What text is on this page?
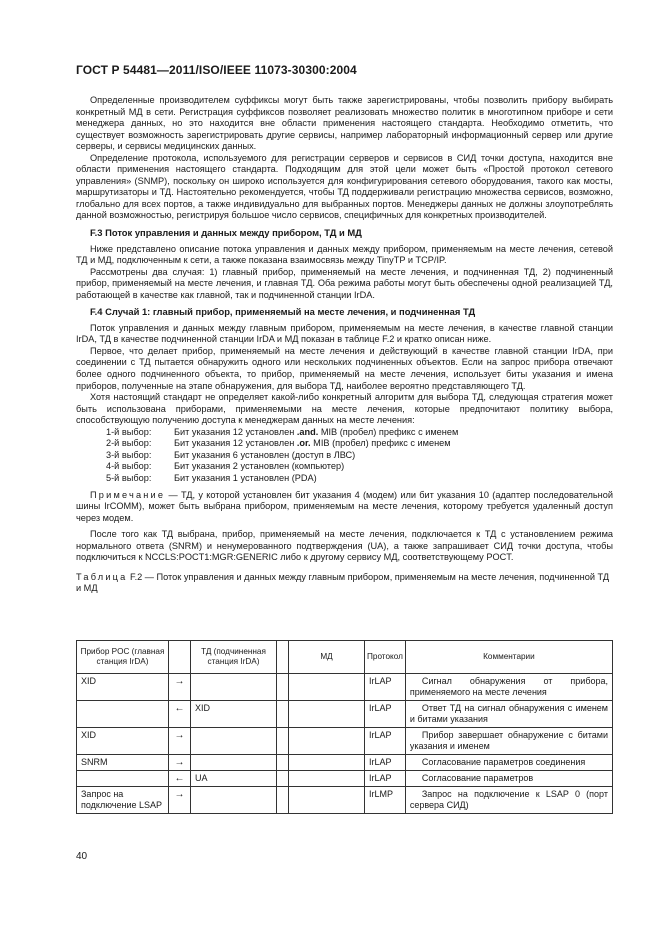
ГОСТ Р 54481—2011/ISO/IEEE 11073-30300:2004

Определенные производителем суффиксы могут быть также зарегистрированы, чтобы позволить прибору выбирать конкретный МД в сети. Регистрация суффиксов позволяет реализовать множество политик в многотипном приборе и сети менеджера данных, но это находится вне области применения настоящего стандарта. Необходимо отметить, что существует возможность зарегистрировать другие сервисы, например лабораторный информационный сервер или другие серверы, и сервисы медицинских данных.

Определение протокола, используемого для регистрации серверов и сервисов в СИД точки доступа, находится вне области применения настоящего стандарта. Подходящим для этой цели может быть «Простой протокол сетевого управления» (SNMP), поскольку он широко используется для конфигурирования сетевого оборудования, такого как мосты, маршрутизаторы и ТД. Настоятельно рекомендуется, чтобы ТД поддерживали регистрацию множества сервисов, возможно, глобально для всех портов, а также индивидуально для выбранных портов. Менеджеры данных не должны злоупотреблять данной возможностью, регистрируя большое число сервисов, специфичных для конкретных производителей.

F.3 Поток управления и данных между прибором, ТД и МД

Ниже представлено описание потока управления и данных между прибором, применяемым на месте лечения, сетевой ТД и МД, подключенным к сети, а также показана взаимосвязь между TinyTP и TCP/IP.

Рассмотрены два случая: 1) главный прибор, применяемый на месте лечения, и подчиненная ТД, 2) подчиненный прибор, применяемый на месте лечения, и главная ТД. Оба режима работы могут быть обеспечены одной реализацией ТД, работающей в качестве как главной, так и подчиненной станции IrDA.

F.4 Случай 1: главный прибор, применяемый на месте лечения, и подчиненная ТД

Поток управления и данных между главным прибором, применяемым на месте лечения, в качестве главной станции IrDA, ТД в качестве подчиненной станции IrDA и МД показан в таблице F.2 и кратко описан ниже.

Первое, что делает прибор, применяемый на месте лечения и действующий в качестве главной станции IrDA, при соединении с ТД пытается обнаружить одного или нескольких подчиненных объектов. Если на запрос прибора отвечают более одного подчиненного объекта, то прибор, применяемый на месте лечения, использует биты указания и имена приборов, полученные на этапе обнаружения, для выбора ТД, наиболее вероятно представляющего ТД.

Хотя настоящий стандарт не определяет какой-либо конкретный алгоритм для выбора ТД, следующая стратегия может быть использована приборами, применяемыми на месте лечения, которые предпочитают политику выбора, способствующую получению доступа к менеджерам данных на месте лечения:

1-й выбор:	Бит указания 12 установлен .and. MIB (пробел) префикс с именем
2-й выбор:	Бит указания 12 установлен .or. MIB (пробел) префикс с именем
3-й выбор:	Бит указания 6 установлен (доступ в ЛВС)
4-й выбор:	Бит указания 2 установлен (компьютер)
5-й выбор:	Бит указания 1 установлен (PDA)

Примечание — ТД, у которой установлен бит указания 4 (модем) или бит указания 10 (адаптер последовательной шины IrCOMM), может быть выбрана прибором, применяемым на месте лечения, которому требуется удаленный доступ через модем.

После того как ТД выбрана, прибор, применяемый на месте лечения, подключается к ТД с установлением режима нормального ответа (SNRM) и ненумерованного подтверждения (UA), а также запрашивает СИД точки доступа, чтобы подключиться к NCCLS:POCT1:MGR:GENERIC либо к другому сервису МД, соответствующему POCT.

Таблица F.2 — Поток управления и данных между главным прибором, применяемым на месте лечения, подчиненной ТД и МД

Прибор POC (главная станция IrDA)		ТД (подчиненная станция IrDA)		МД	Протокол	Комментарии
XID	→				IrLAP	Сигнал обнаружения от прибора, применяемого на месте лечения
	←	XID			IrLAP	Ответ ТД на сигнал обнаружения с именем и битами указания
XID	→				IrLAP	Прибор завершает обнаружение с битами указания и именем
SNRM	→				IrLAP	Согласование параметров соединения
	←	UA			IrLAP	Согласование параметров
Запрос на подключение LSAP	→				IrLMP	Запрос на подключение к LSAP 0 (порт сервера СИД)
40
